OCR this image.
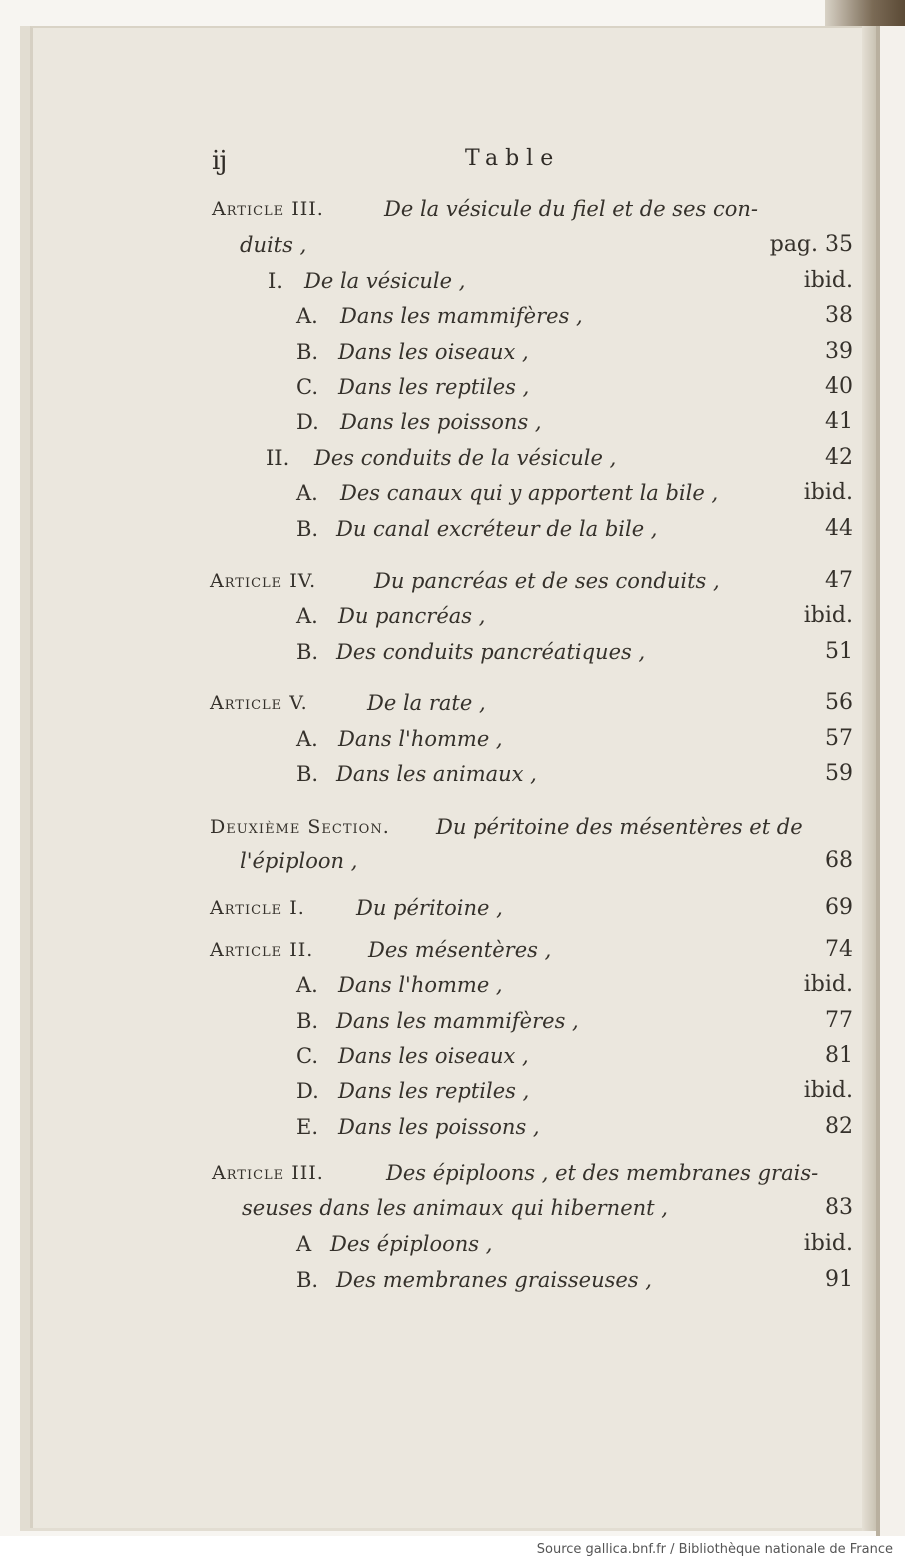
ij	Table
Article III.	De la vésicule du fiel et de ses con-
duits ,	pag. 35
I. De la vésicule ,	ibid.
A. Dans les mammifères ,	38
B. Dans les oiseaux ,	39
C. Dans les reptiles ,	40
D. Dans les poissons ,	41
II. Des conduits de la vésicule ,	42
A. Des canaux qui y apportent la bile ,	ibid.
B. Du canal excréteur de la bile ,	44
Article IV.	Du pancréas et de ses conduits ,	47
A. Du pancréas ,	ibid.
B. Des conduits pancréatiques ,	51
Article V.	De la rate ,	56
A. Dans l'homme ,	57
B. Dans les animaux ,	59
Deuxième Section. Du péritoine des mésentères et de
l'épiploon ,	68
Article I. Du péritoine ,	69
Article II.	Des mésentères ,	74
A. Dans l'homme ,	ibid.
B. Dans les mammifères ,	77
C. Dans les oiseaux ,	81
D. Dans les reptiles ,	ibid.
E. Dans les poissons ,	82
Article III.	Des épiploons , et des membranes grais-
seuses dans les animaux qui hibernent ,	83
A Des épiploons ,	ibid.
B. Des membranes graisseuses ,	91
Source gallica.bnf.fr / Bibliothèque nationale de France
